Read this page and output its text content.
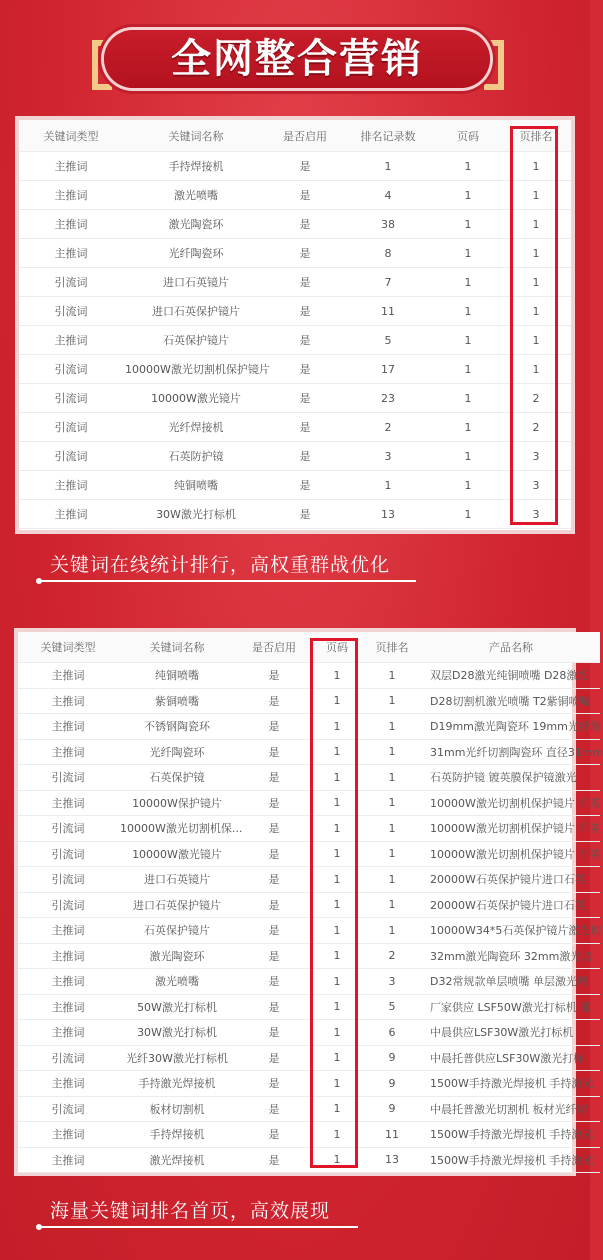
全网整合营销
关键词类型	关键词名称	是否启用	排名记录数	页码	页排名
主推词	手持焊接机	是	1	1	1
主推词	激光喷嘴	是	4	1	1
主推词	激光陶瓷环	是	38	1	1
主推词	光纤陶瓷环	是	8	1	1
引流词	进口石英镜片	是	7	1	1
引流词	进口石英保护镜片	是	11	1	1
主推词	石英保护镜片	是	5	1	1
引流词	10000W激光切割机保护镜片	是	17	1	1
引流词	10000W激光镜片	是	23	1	2
引流词	光纤焊接机	是	2	1	2
引流词	石英防护镜	是	3	1	3
主推词	纯铜喷嘴	是	1	1	3
主推词	30W激光打标机	是	13	1	3
关键词在线统计排行，高权重群战优化
关键词类型	关键词名称	是否启用	页码	页排名	产品名称
主推词	纯铜喷嘴	是	1	1	双层D28激光纯铜喷嘴 D28激光
主推词	紫铜喷嘴	是	1	1	D28切割机激光喷嘴 T2紫铜喷嘴
主推词	不锈钢陶瓷环	是	1	1	D19mm激光陶瓷环 19mm光纤激
主推词	光纤陶瓷环	是	1	1	31mm光纤切割陶瓷环 直径31mm
引流词	石英保护镜	是	1	1	石英防护镜 镀英膜保护镜激光
主推词	10000W保护镜片	是	1	1	10000W激光切割机保护镜片 石英
引流词	10000W激光切割机保...	是	1	1	10000W激光切割机保护镜片 石英
引流词	10000W激光镜片	是	1	1	10000W激光切割机保护镜片 石英
引流词	进口石英镜片	是	1	1	20000W石英保护镜片进口石英
引流词	进口石英保护镜片	是	1	1	20000W石英保护镜片进口石英
主推词	石英保护镜片	是	1	1	10000W34*5石英保护镜片激光切
主推词	激光陶瓷环	是	1	2	32mm激光陶瓷环 32mm激光切
主推词	激光喷嘴	是	1	3	D32常规款单层喷嘴 单层激光喷
主推词	50W激光打标机	是	1	5	厂家供应 LSF50W激光打标机 激
主推词	30W激光打标机	是	1	6	中晨供应LSF30W激光打标机
引流词	光纤30W激光打标机	是	1	9	中晨托普供应LSF30W激光打标
主推词	手持激光焊接机	是	1	9	1500W手持激光焊接机 手持激光
引流词	板材切割机	是	1	9	中晨托普激光切割机 板材光纤切
主推词	手持焊接机	是	1	11	1500W手持激光焊接机 手持激光
主推词	激光焊接机	是	1	13	1500W手持激光焊接机 手持激光
海量关键词排名首页，高效展现
